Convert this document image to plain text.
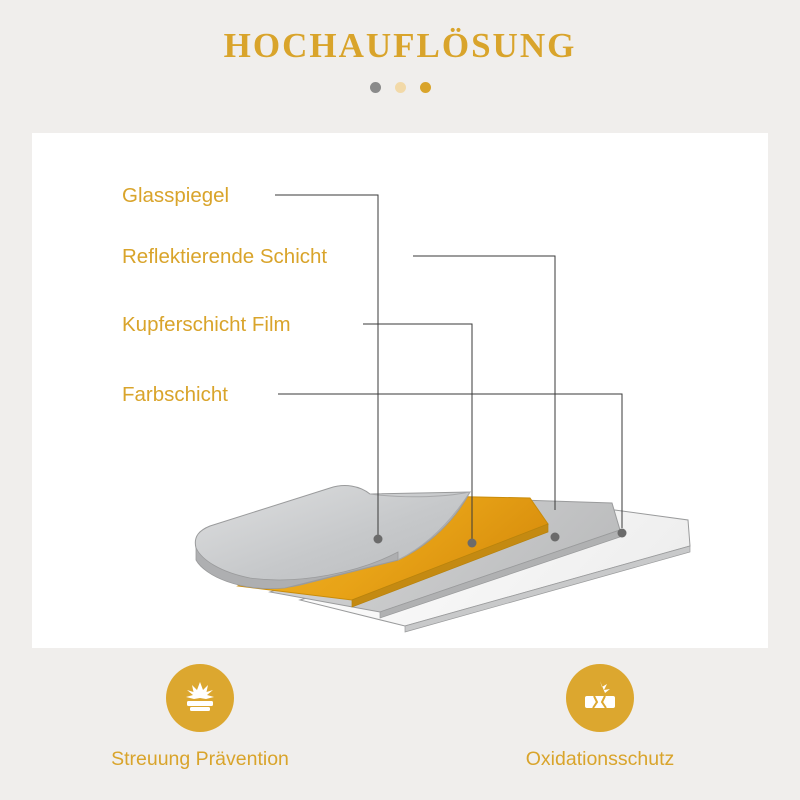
HOCHAUFLÖSUNG
Glasspiegel
Reflektierende Schicht
Kupferschicht Film
Farbschicht
Streuung Prävention	Oxidationsschutz
